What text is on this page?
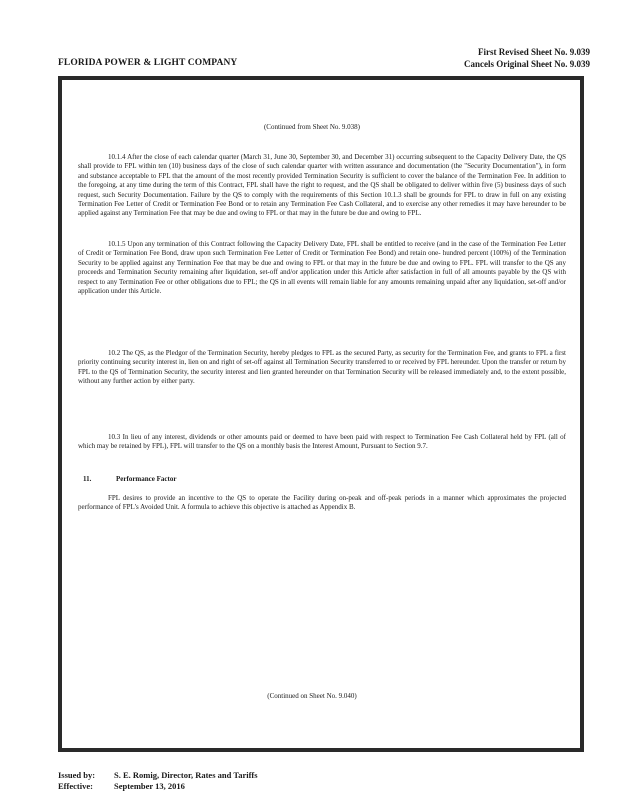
FLORIDA POWER & LIGHT COMPANY
First Revised Sheet No. 9.039
Cancels Original Sheet No. 9.039
(Continued from Sheet No. 9.038)

10.1.4 After the close of each calendar quarter (March 31, June 30, September 30, and December 31) occurring subsequent to the Capacity Delivery Date, the QS shall provide to FPL within ten (10) business days of the close of such calendar quarter with written assurance and documentation (the "Security Documentation"), in form and substance acceptable to FPL that the amount of the most recently provided Termination Security is sufficient to cover the balance of the Termination Fee. In addition to the foregoing, at any time during the term of this Contract, FPL shall have the right to request, and the QS shall be obligated to deliver within five (5) business days of such request, such Security Documentation. Failure by the QS to comply with the requirements of this Section 10.1.3 shall be grounds for FPL to draw in full on any existing Termination Fee Letter of Credit or Termination Fee Bond or to retain any Termination Fee Cash Collateral, and to exercise any other remedies it may have hereunder to be applied against any Termination Fee that may be due and owing to FPL or that may in the future be due and owing to FPL.

10.1.5 Upon any termination of this Contract following the Capacity Delivery Date, FPL shall be entitled to receive (and in the case of the Termination Fee Letter of Credit or Termination Fee Bond, draw upon such Termination Fee Letter of Credit or Termination Fee Bond) and retain one- hundred percent (100%) of the Termination Security to be applied against any Termination Fee that may be due and owing to FPL or that may in the future be due and owing to FPL. FPL will transfer to the QS any proceeds and Termination Security remaining after liquidation, set-off and/or application under this Article after satisfaction in full of all amounts payable by the QS with respect to any Termination Fee or other obligations due to FPL; the QS in all events will remain liable for any amounts remaining unpaid after any liquidation, set-off and/or application under this Article.

10.2 The QS, as the Pledgor of the Termination Security, hereby pledges to FPL as the secured Party, as security for the Termination Fee, and grants to FPL a first priority continuing security interest in, lien on and right of set-off against all Termination Security transferred to or received by FPL hereunder. Upon the transfer or return by FPL to the QS of Termination Security, the security interest and lien granted hereunder on that Termination Security will be released immediately and, to the extent possible, without any further action by either party.

10.3 In lieu of any interest, dividends or other amounts paid or deemed to have been paid with respect to Termination Fee Cash Collateral held by FPL (all of which may be retained by FPL), FPL will transfer to the QS on a monthly basis the Interest Amount, Pursuant to Section 9.7.

11.	Performance Factor

FPL desires to provide an incentive to the QS to operate the Facility during on-peak and off-peak periods in a manner which approximates the projected performance of FPL's Avoided Unit. A formula to achieve this objective is attached as Appendix B.

(Continued on Sheet No. 9.040)
Issued by: S. E. Romig, Director, Rates and Tariffs
Effective: September 13, 2016
